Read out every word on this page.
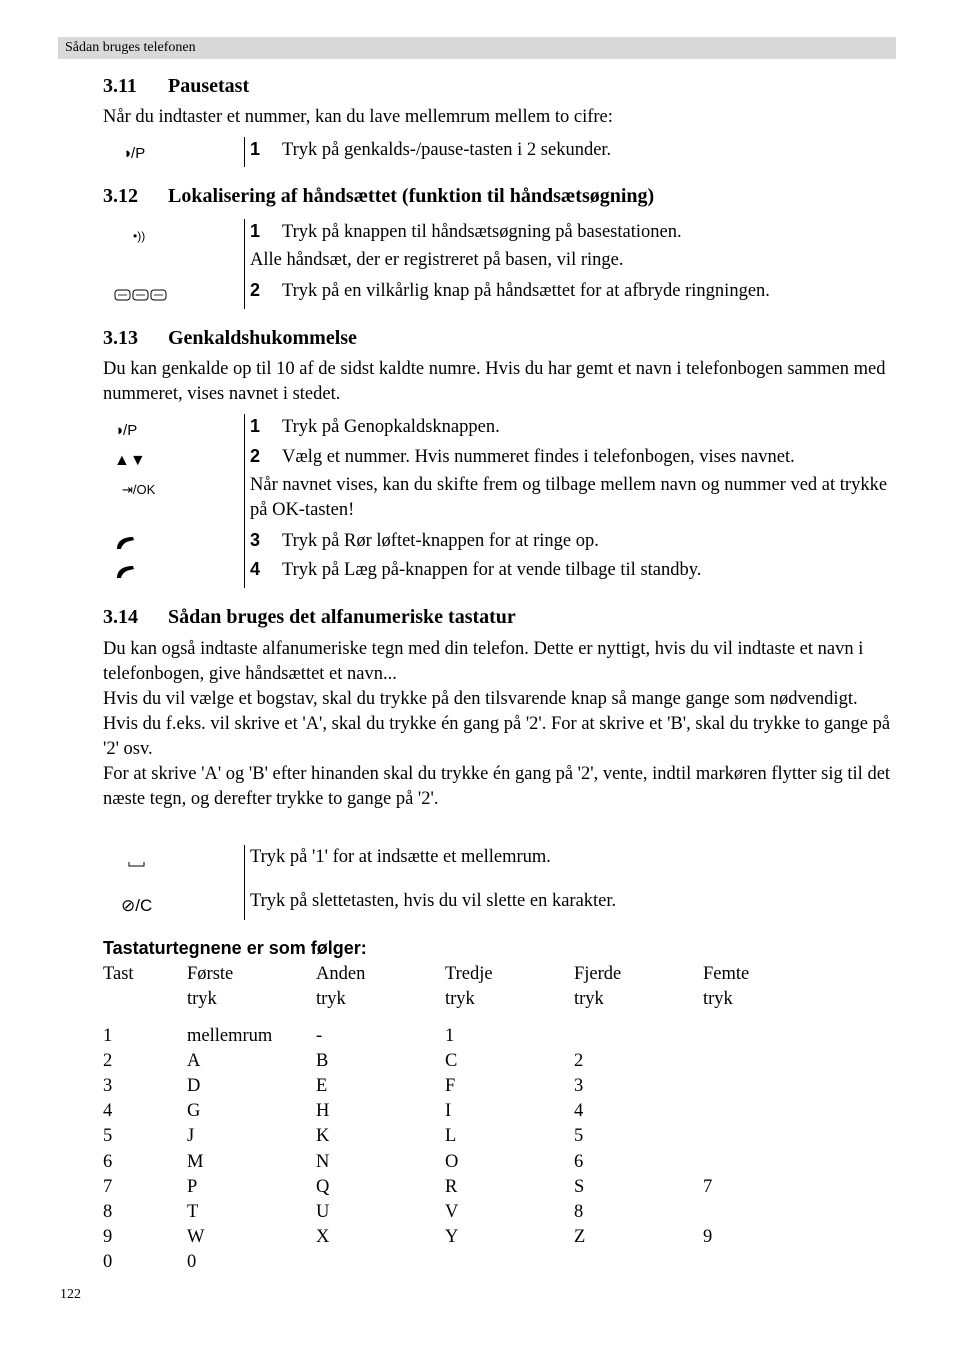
Sådan bruges telefonen
3.11 Pausetast
Når du indtaster et nummer, kan du lave mellemrum mellem to cifre:
◑/P	1 Tryk på genkalds-/pause-tasten i 2 sekunder.
3.12 Lokalisering af håndsættet (funktion til håndsætsøgning)
•))	1 Tryk på knappen til håndsætsøgning på basestationen.
Alle håndsæt, der er registreret på basen, vil ringe.
2 Tryk på en vilkårlig knap på håndsættet for at afbryde ringningen.
3.13 Genkaldshukommelse
Du kan genkalde op til 10 af de sidst kaldte numre. Hvis du har gemt et navn i telefonbogen sammen med nummeret, vises navnet i stedet.
◑/P
▲▼
⇥/OK
1 Tryk på Genopkaldsknappen.
2 Vælg et nummer. Hvis nummeret findes i telefonbogen, vises navnet.
Når navnet vises, kan du skifte frem og tilbage mellem navn og nummer ved at trykke på OK-tasten!
3 Tryk på Rør løftet-knappen for at ringe op.
4 Tryk på Læg på-knappen for at vende tilbage til standby.
3.14 Sådan bruges det alfanumeriske tastatur
Du kan også indtaste alfanumeriske tegn med din telefon. Dette er nyttigt, hvis du vil indtaste et navn i telefonbogen, give håndsættet et navn...
Hvis du vil vælge et bogstav, skal du trykke på den tilsvarende knap så mange gange som nødvendigt.
Hvis du f.eks. vil skrive et 'A', skal du trykke én gang på '2'. For at skrive et 'B', skal du trykke to gange på '2' osv.
For at skrive 'A' og 'B' efter hinanden skal du trykke én gang på '2', vente, indtil markøren flytter sig til det næste tegn, og derefter trykke to gange på '2'.
⊘/C
Tryk på '1' for at indsætte et mellemrum.
Tryk på slettetasten, hvis du vil slette en karakter.
Tastaturtegnene er som følger:
Tast	Første
tryk
Anden
tryk
Tredje
tryk
Fjerde
tryk
Femte
tryk
1	mellemrum -	1
2	A	B	C	2
3	D	E	F	3
4	G	H	I	4
5	J	K	L	5
6	M	N	O	6
7	P	Q	R	S	7
8	T	U	V	8
9	W	X	Y	Z	9
0	0
122
